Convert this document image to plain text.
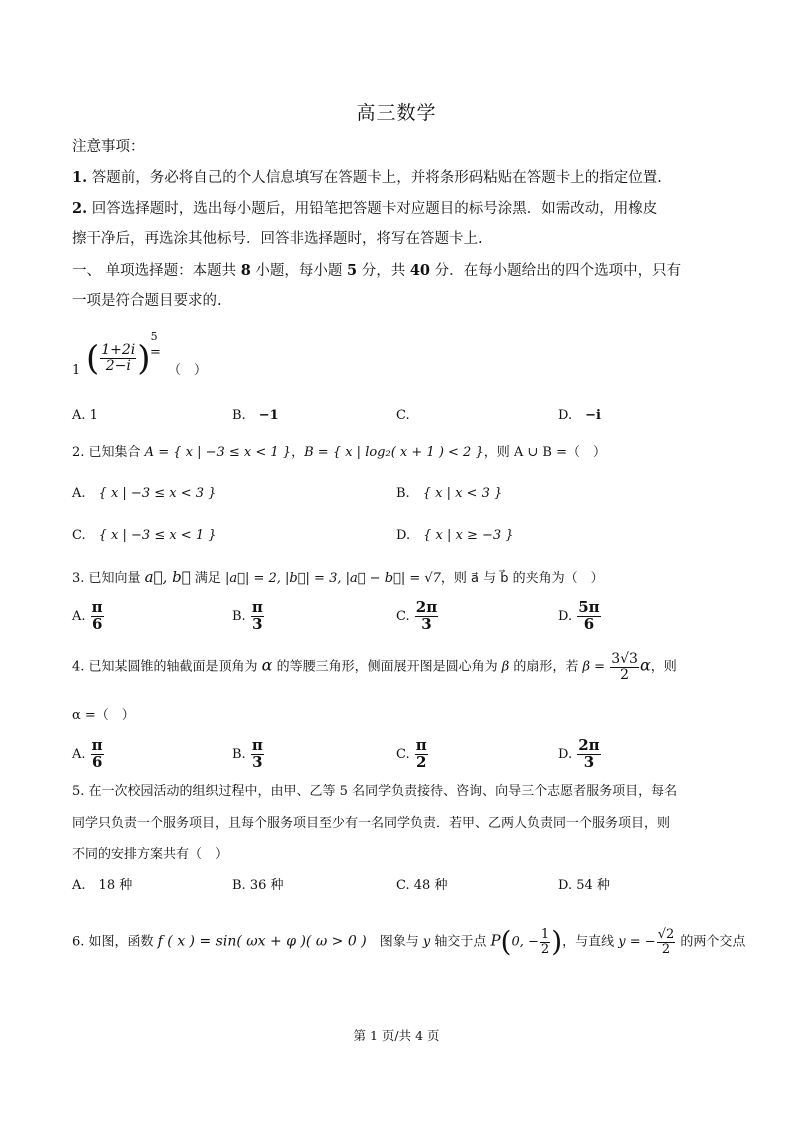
高三数学
注意事项：
1. 答题前，务必将自己的个人信息填写在答题卡上，并将条形码粘贴在答题卡上的指定位置.
2. 回答选择题时，选出每小题后，用铅笔把答题卡对应题目的标号涂黑．如需改动，用橡皮
擦干净后，再选涂其他标号．回答非选择题时，将写在答题卡上.
一、 单项选择题：本题共 8 小题，每小题 5 分，共 40 分．在每小题给出的四个选项中，只有
一项是符合题目要求的.
1 ( $\frac{1+2i}{2-i} )^5$
=
（　）
A. 1	B.　 −1	C.	D.　 −i
2. 已知集合 A = { x | −3 ≤ x < 1 }，B = { x | log₂( x + 1 ) < 2 }，则 A ∪ B =（　）
A.　 { x | −3 ≤ x < 3 }	B.　 { x | x < 3 }
C.　 { x | −3 ≤ x < 1 }	D.　 { x | x ≥ −3 }
3. 已知向量 a⃗, b⃗ 满足 |a⃗| = 2, |b⃗| = 3, |a⃗ − b⃗| = √7，则 a⃗ 与 b⃗ 的夹角为（　）
A. $\frac{\pi}{6}$	B. $\frac{\pi}{3}$	C. $\frac{2\pi}{3}$	D. $\frac{5\pi}{6}$
4. 已知某圆锥的轴截面是顶角为 α 的等腰三角形，侧面展开图是圆心角为 β 的扇形，若 $\beta = \frac{3√3}{2}$ α，则
α =（　）
A. $\frac{\pi}{6}$	B. $\frac{\pi}{3}$	C. $\frac{\pi}{2}$	D. $\frac{2\pi}{3}$
5. 在一次校园活动的组织过程中，由甲、乙等 5 名同学负责接待、咨询、向导三个志愿者服务项目，每名
同学只负责一个服务项目，且每个服务项目至少有一名同学负责．若甲、乙两人负责同一个服务项目，则
不同的安排方案共有（　）
A.　 18 种	B. 36 种	C. 48 种	D. 54 种
6. 如图，函数 f ( x ) = sin( ωx + φ )( ω > 0 )　图象与 y 轴交于点 P(0, − $\frac{1}{2}$ )，与直线 y = − $\frac{√2}{2}$ 的两个交点
第 1 页/共 4 页
